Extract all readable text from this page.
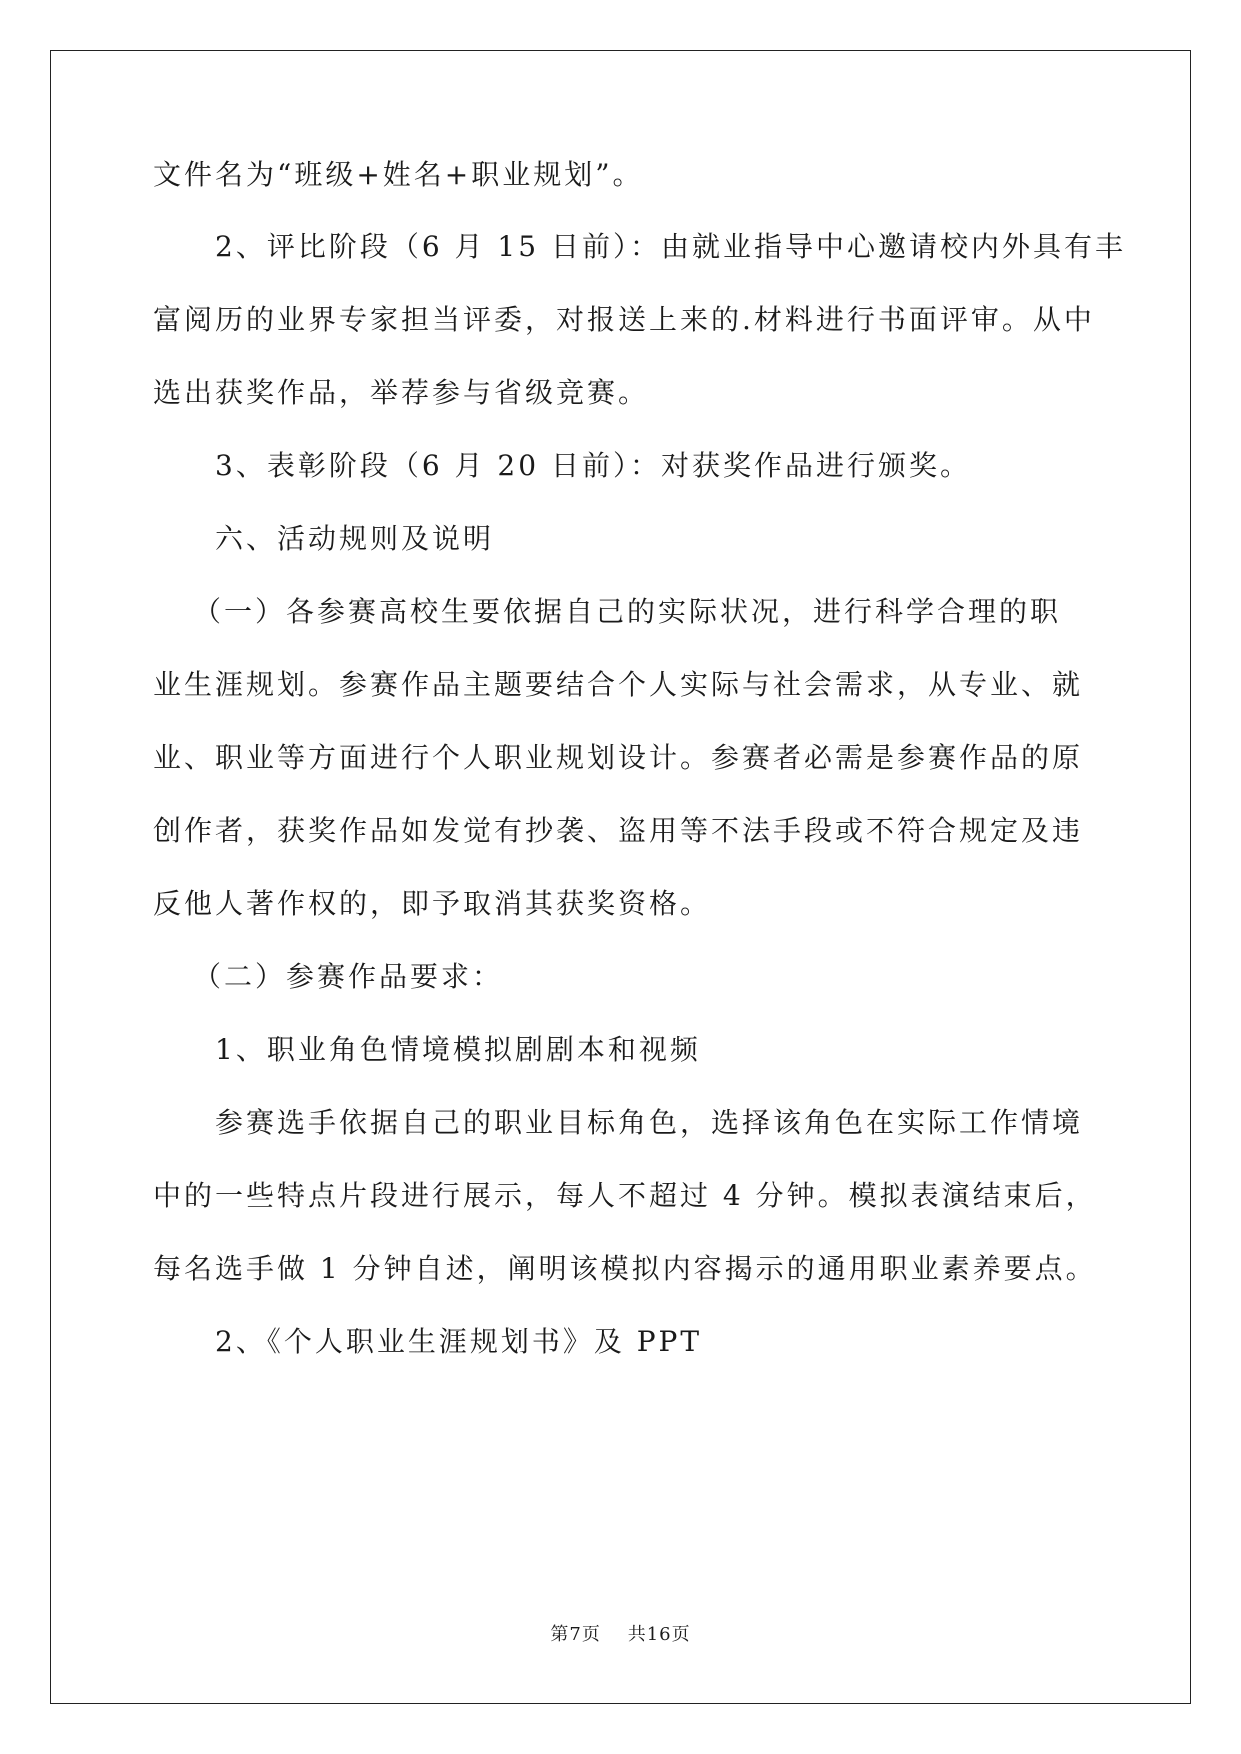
文件名为“班级+姓名+职业规划”。
2、评比阶段（6 月 15 日前）：由就业指导中心邀请校内外具有丰
富阅历的业界专家担当评委，对报送上来的.材料进行书面评审。从中
选出获奖作品，举荐参与省级竞赛。
3、表彰阶段（6 月 20 日前）：对获奖作品进行颁奖。
六、活动规则及说明
（一）各参赛高校生要依据自己的实际状况，进行科学合理的职
业生涯规划。参赛作品主题要结合个人实际与社会需求，从专业、就
业、职业等方面进行个人职业规划设计。参赛者必需是参赛作品的原
创作者，获奖作品如发觉有抄袭、盗用等不法手段或不符合规定及违
反他人著作权的，即予取消其获奖资格。
（二）参赛作品要求：
1、职业角色情境模拟剧剧本和视频
参赛选手依据自己的职业目标角色，选择该角色在实际工作情境
中的一些特点片段进行展示，每人不超过 4 分钟。模拟表演结束后，
每名选手做 1 分钟自述，阐明该模拟内容揭示的通用职业素养要点。
2、《个人职业生涯规划书》及 PPT
第7页 共16页
